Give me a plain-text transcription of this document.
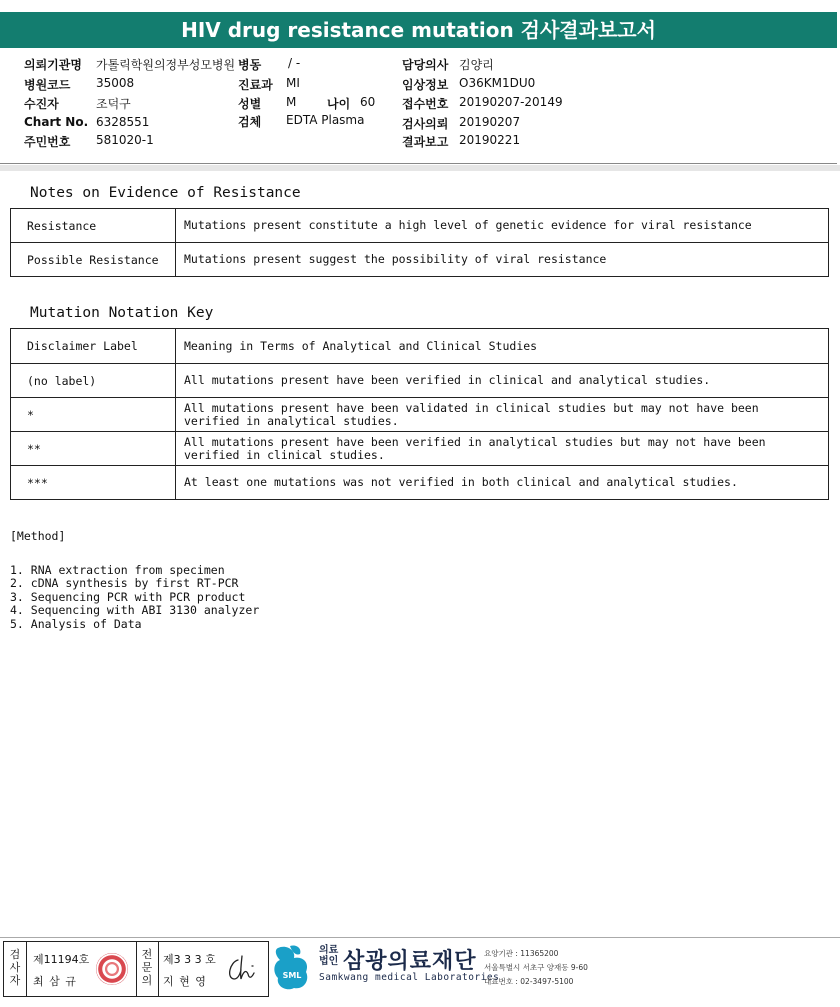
HIV drug resistance mutation 검사결과보고서
의뢰기관명 가톨릭학원의정부성모병원
병원코드 35008
수진자	조덕구
Chart No. 6328551
주민번호 581020-1
병동 / -
진료과 MI
성별 M	나이 60
검체 EDTA Plasma
담당의사 김양리
임상정보 O36KM1DU0
접수번호 20190207-20149
검사의뢰 20190207
결과보고 20190221
Notes on Evidence of Resistance
Resistance	Mutations present constitute a high level of genetic evidence for viral resistance
Possible Resistance	Mutations present suggest the possibility of viral resistance
Mutation Notation Key
Disclaimer Label	Meaning in Terms of Analytical and Clinical Studies
(no label)	All mutations present have been verified in clinical and analytical studies.
*	All mutations present have been validated in clinical studies but may not have been verified in analytical studies.
**	All mutations present have been verified in analytical studies but may not have been verified in clinical studies.
***	At least one mutations was not verified in both clinical and analytical studies.
[Method]
1. RNA extraction from specimen
2. cDNA synthesis by first RT-PCR
3. Sequencing PCR with PCR product
4. Sequencing with ABI 3130 analyzer
5. Analysis of Data
검사자
제11194호
최 삼 규
전문의
제3 3 3 호
지 현 영	SML
의료
법인 삼광의료재단
Samkwang medical Laboratories
요양기관 : 11365200
서울특별시 서초구 양재동 9-60
대표번호 : 02-3497-5100
